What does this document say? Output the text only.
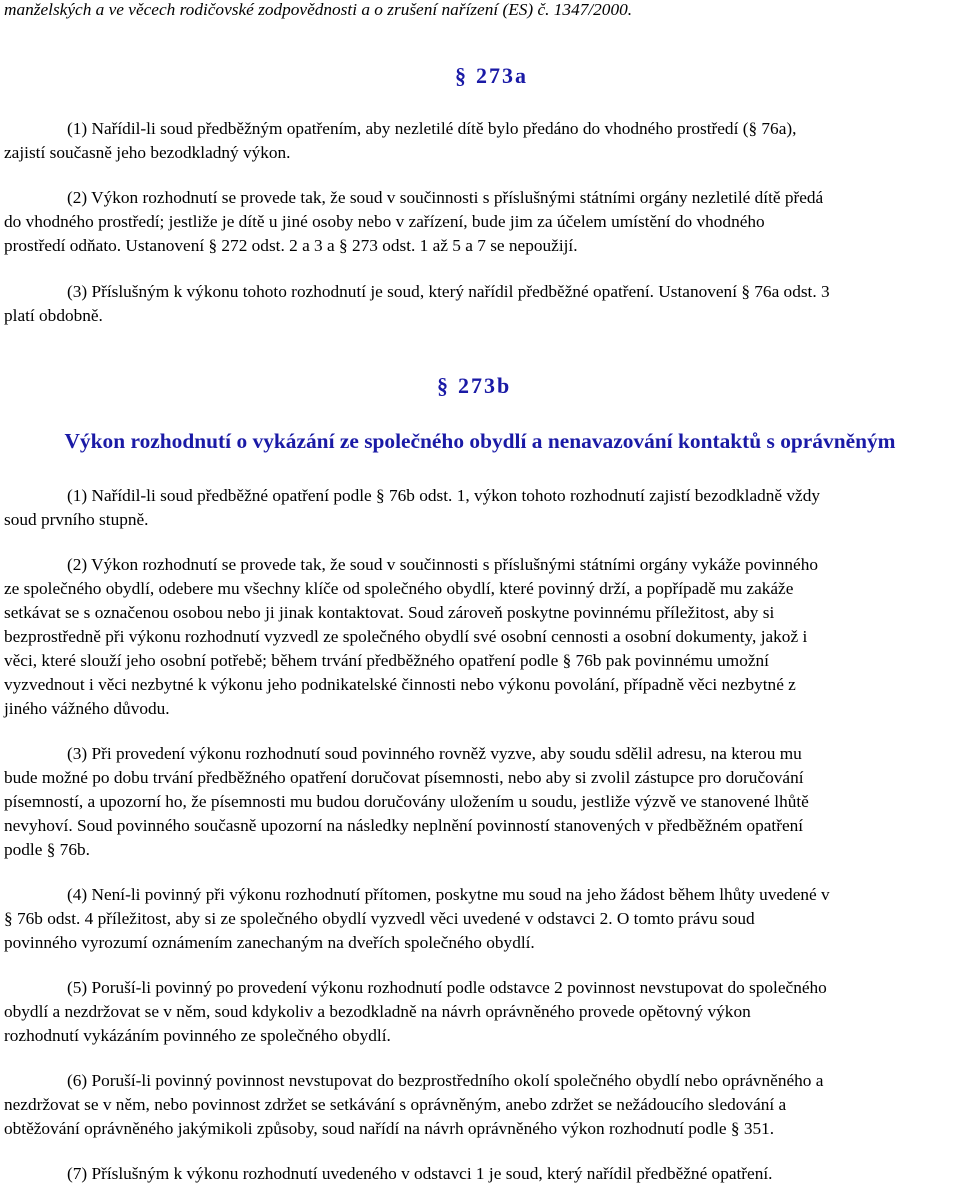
manželských a ve věcech rodičovské zodpovědnosti a o zrušení nařízení (ES) č. 1347/2000.

§ 273a

(1) Nařídil-li soud předběžným opatřením, aby nezletilé dítě bylo předáno do vhodného prostředí (§ 76a),

zajistí současně jeho bezodkladný výkon.

(2) Výkon rozhodnutí se provede tak, že soud v součinnosti s příslušnými státními orgány nezletilé dítě předá

do vhodného prostředí; jestliže je dítě u jiné osoby nebo v zařízení, bude jim za účelem umístění do vhodného

prostředí odňato. Ustanovení § 272 odst. 2 a 3 a § 273 odst. 1 až 5 a 7 se nepoužijí.

(3) Příslušným k výkonu tohoto rozhodnutí je soud, který nařídil předběžné opatření. Ustanovení § 76a odst. 3

platí obdobně.

§ 273b
Výkon rozhodnutí o vykázání ze společného obydlí a nenavazování kontaktů s oprávněným

(1) Nařídil-li soud předběžné opatření podle § 76b odst. 1, výkon tohoto rozhodnutí zajistí bezodkladně vždy

soud prvního stupně.

(2) Výkon rozhodnutí se provede tak, že soud v součinnosti s příslušnými státními orgány vykáže povinného

ze společného obydlí, odebere mu všechny klíče od společného obydlí, které povinný drží, a popřípadě mu zakáže

setkávat se s označenou osobou nebo ji jinak kontaktovat. Soud zároveň poskytne povinnému příležitost, aby si

bezprostředně při výkonu rozhodnutí vyzvedl ze společného obydlí své osobní cennosti a osobní dokumenty, jakož i

věci, které slouží jeho osobní potřebě; během trvání předběžného opatření podle § 76b pak povinnému umožní

vyzvednout i věci nezbytné k výkonu jeho podnikatelské činnosti nebo výkonu povolání, případně věci nezbytné z

jiného vážného důvodu.

(3) Při provedení výkonu rozhodnutí soud povinného rovněž vyzve, aby soudu sdělil adresu, na kterou mu

bude možné po dobu trvání předběžného opatření doručovat písemnosti, nebo aby si zvolil zástupce pro doručování

písemností, a upozorní ho, že písemnosti mu budou doručovány uložením u soudu, jestliže výzvě ve stanovené lhůtě

nevyhoví. Soud povinného současně upozorní na následky neplnění povinností stanovených v předběžném opatření

podle § 76b.

(4) Není-li povinný při výkonu rozhodnutí přítomen, poskytne mu soud na jeho žádost během lhůty uvedené v

§ 76b odst. 4 příležitost, aby si ze společného obydlí vyzvedl věci uvedené v odstavci 2. O tomto právu soud

povinného vyrozumí oznámením zanechaným na dveřích společného obydlí.

(5) Poruší-li povinný po provedení výkonu rozhodnutí podle odstavce 2 povinnost nevstupovat do společného

obydlí a nezdržovat se v něm, soud kdykoliv a bezodkladně na návrh oprávněného provede opětovný výkon

rozhodnutí vykázáním povinného ze společného obydlí.

(6) Poruší-li povinný povinnost nevstupovat do bezprostředního okolí společného obydlí nebo oprávněného a

nezdržovat se v něm, nebo povinnost zdržet se setkávání s oprávněným, anebo zdržet se nežádoucího sledování a

obtěžování oprávněného jakýmikoli způsoby, soud nařídí na návrh oprávněného výkon rozhodnutí podle § 351.

(7) Příslušným k výkonu rozhodnutí uvedeného v odstavci 1 je soud, který nařídil předběžné opatření.
